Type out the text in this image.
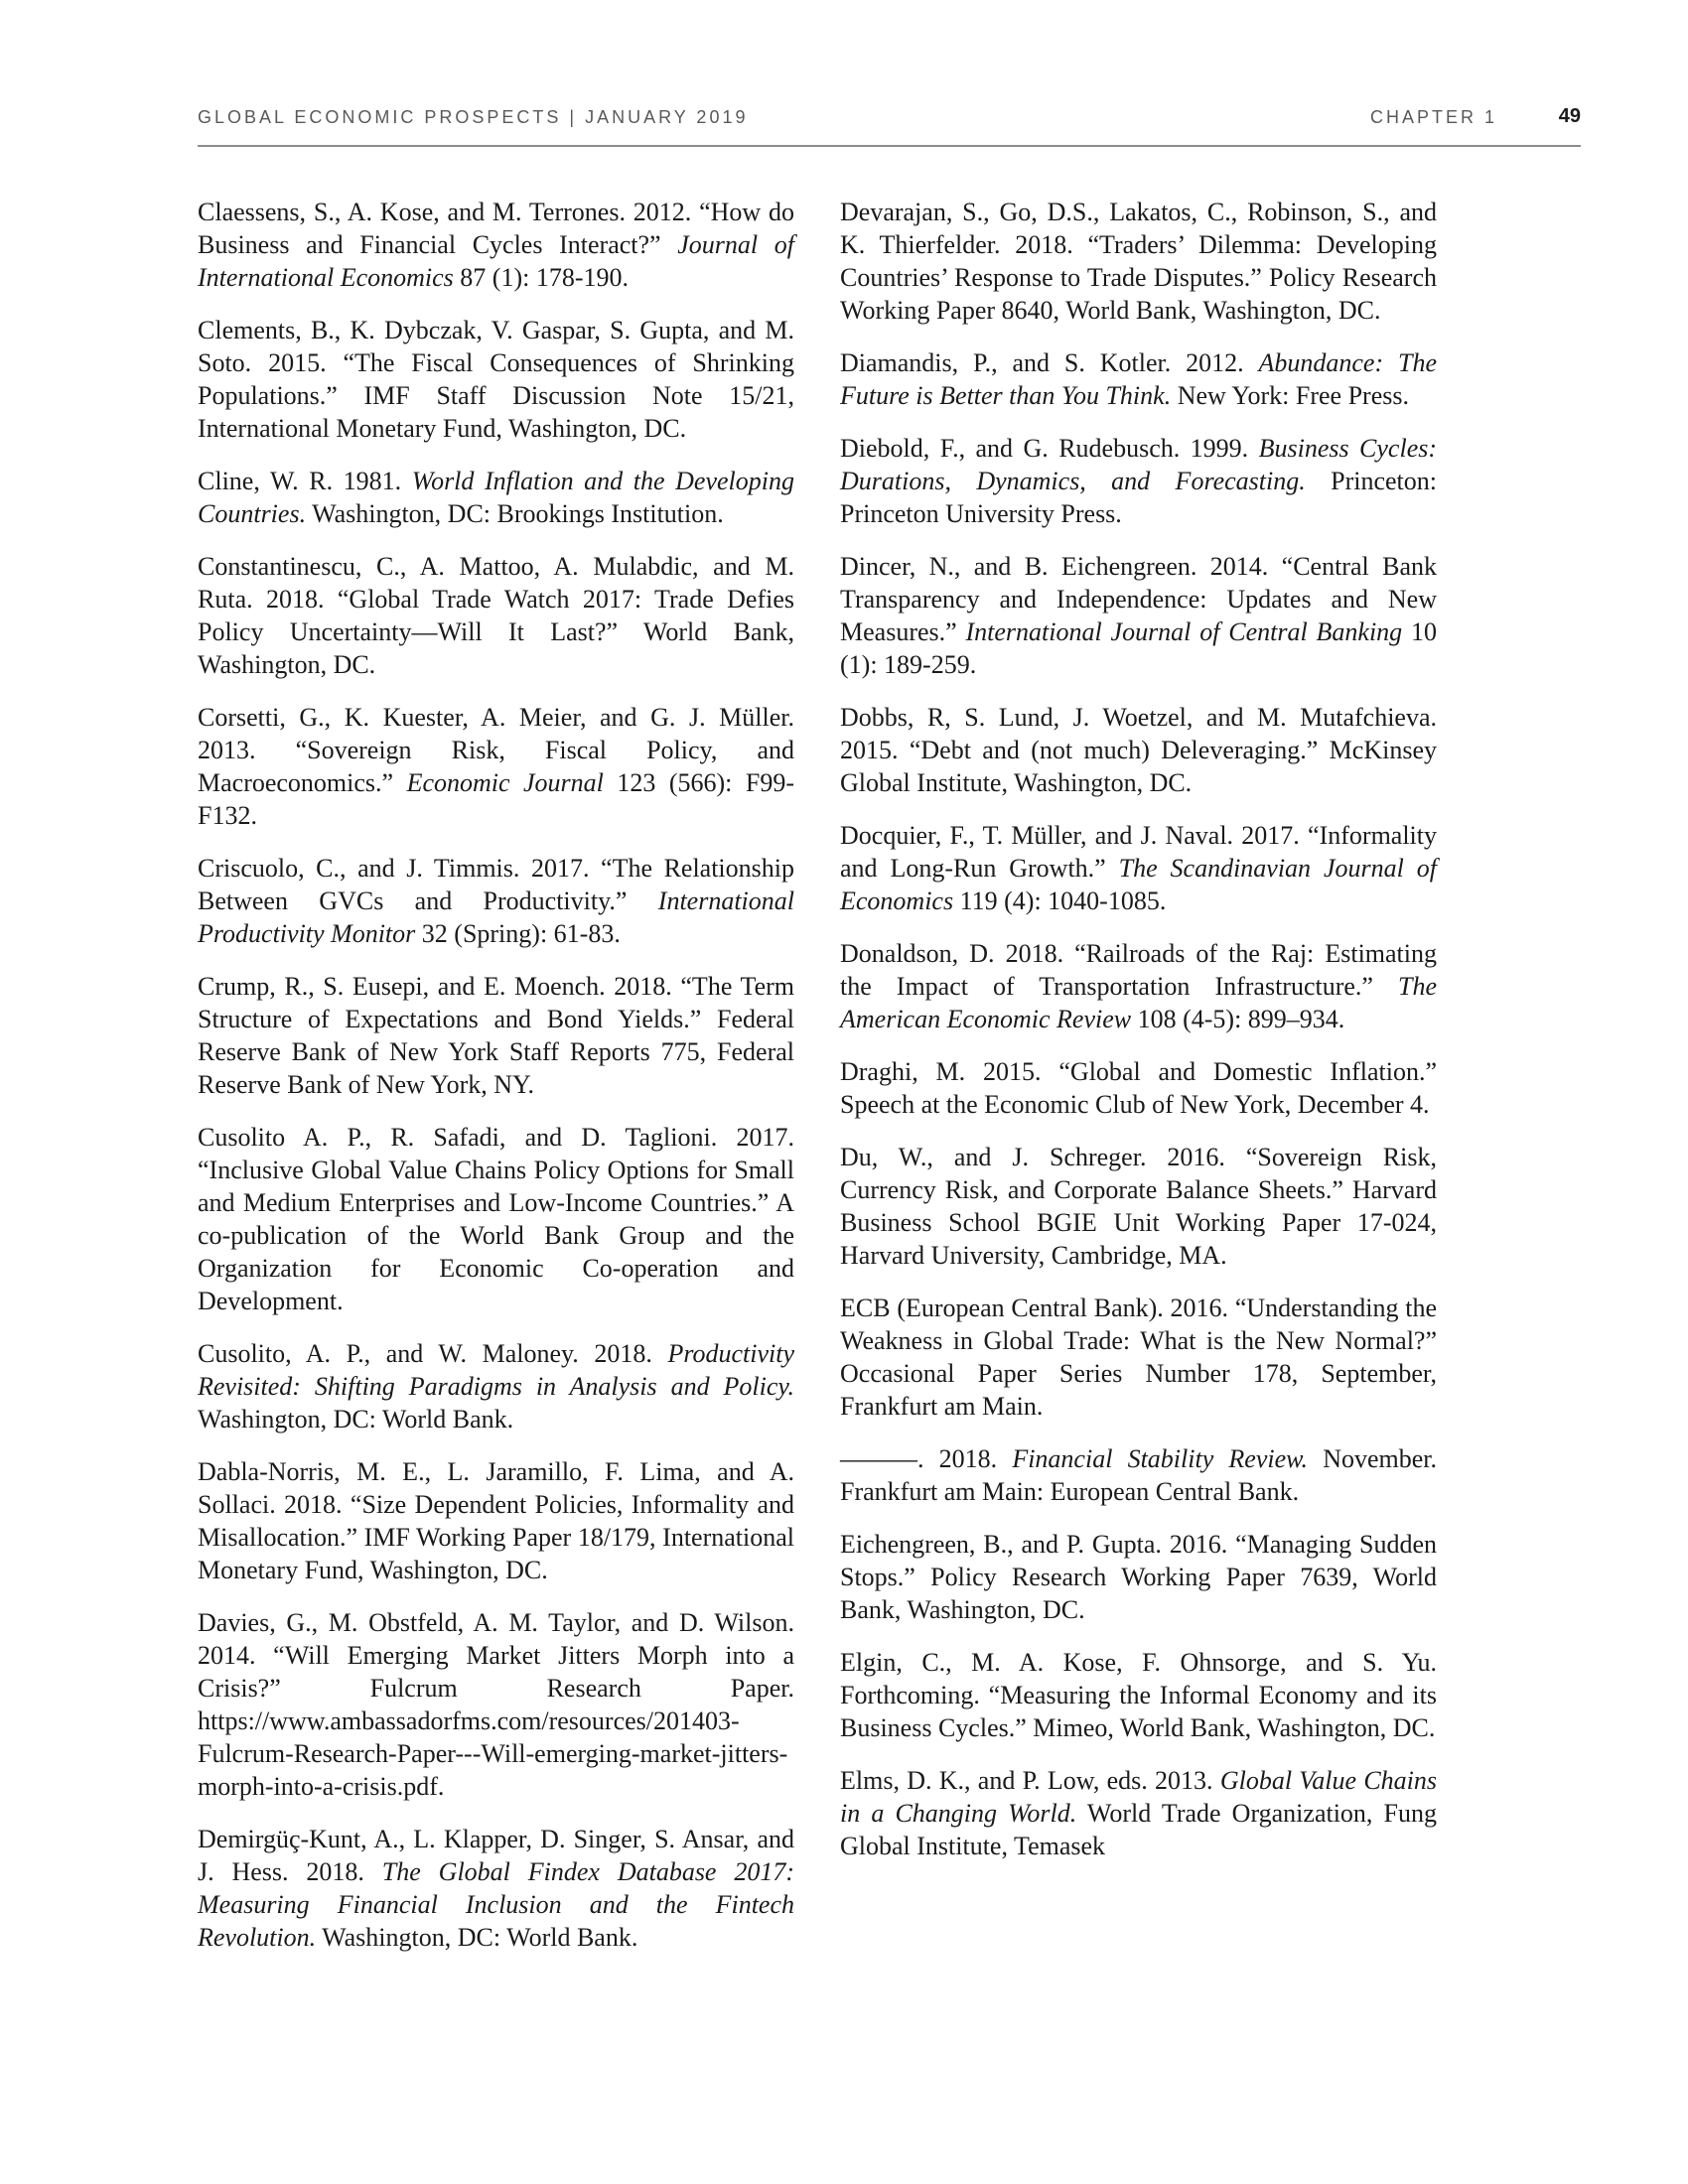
GLOBAL ECONOMIC PROSPECTS | JANUARY 2019	CHAPTER 1	49

Claessens, S., A. Kose, and M. Terrones. 2012. “How do Business and Financial Cycles Interact?” Journal of International Economics 87 (1): 178-190.

Clements, B., K. Dybczak, V. Gaspar, S. Gupta, and M. Soto. 2015. “The Fiscal Consequences of Shrinking Populations.” IMF Staff Discussion Note 15/21, International Monetary Fund, Washington, DC.

Cline, W. R. 1981. World Inflation and the Developing Countries. Washington, DC: Brookings Institution.

Constantinescu, C., A. Mattoo, A. Mulabdic, and M. Ruta. 2018. “Global Trade Watch 2017: Trade Defies Policy Uncertainty—Will It Last?” World Bank, Washington, DC.

Corsetti, G., K. Kuester, A. Meier, and G. J. Müller. 2013. “Sovereign Risk, Fiscal Policy, and Macroeconomics.” Economic Journal 123 (566): F99-F132.

Criscuolo, C., and J. Timmis. 2017. “The Relationship Between GVCs and Productivity.” International Productivity Monitor 32 (Spring): 61-83.

Crump, R., S. Eusepi, and E. Moench. 2018. “The Term Structure of Expectations and Bond Yields.” Federal Reserve Bank of New York Staff Reports 775, Federal Reserve Bank of New York, NY.

Cusolito A. P., R. Safadi, and D. Taglioni. 2017. “Inclusive Global Value Chains Policy Options for Small and Medium Enterprises and Low-Income Countries.” A co-publication of the World Bank Group and the Organization for Economic Co-operation and Development.

Cusolito, A. P., and W. Maloney. 2018. Productivity Revisited: Shifting Paradigms in Analysis and Policy. Washington, DC: World Bank.

Dabla-Norris, M. E., L. Jaramillo, F. Lima, and A. Sollaci. 2018. “Size Dependent Policies, Informality and Misallocation.” IMF Working Paper 18/179, International Monetary Fund, Washington, DC.

Davies, G., M. Obstfeld, A. M. Taylor, and D. Wilson. 2014. “Will Emerging Market Jitters Morph into a Crisis?” Fulcrum Research Paper. https://www.ambassadorfms.com/resources/201403-Fulcrum-Research-Paper---Will-emerging-market-jitters-morph-into-a-crisis.pdf.

Demirgüç-Kunt, A., L. Klapper, D. Singer, S. Ansar, and J. Hess. 2018. The Global Findex Database 2017: Measuring Financial Inclusion and the Fintech Revolution. Washington, DC: World Bank.

Devarajan, S., Go, D.S., Lakatos, C., Robinson, S., and K. Thierfelder. 2018. “Traders’ Dilemma: Developing Countries’ Response to Trade Disputes.” Policy Research Working Paper 8640, World Bank, Washington, DC.

Diamandis, P., and S. Kotler. 2012. Abundance: The Future is Better than You Think. New York: Free Press.

Diebold, F., and G. Rudebusch. 1999. Business Cycles: Durations, Dynamics, and Forecasting. Princeton: Princeton University Press.

Dincer, N., and B. Eichengreen. 2014. “Central Bank Transparency and Independence: Updates and New Measures.” International Journal of Central Banking 10 (1): 189-259.

Dobbs, R, S. Lund, J. Woetzel, and M. Mutafchieva. 2015. “Debt and (not much) Deleveraging.” McKinsey Global Institute, Washington, DC.

Docquier, F., T. Müller, and J. Naval. 2017. “Informality and Long-Run Growth.” The Scandinavian Journal of Economics 119 (4): 1040-1085.

Donaldson, D. 2018. “Railroads of the Raj: Estimating the Impact of Transportation Infrastructure.” The American Economic Review 108 (4-5): 899–934.

Draghi, M. 2015. “Global and Domestic Inflation.” Speech at the Economic Club of New York, December 4.

Du, W., and J. Schreger. 2016. “Sovereign Risk, Currency Risk, and Corporate Balance Sheets.” Harvard Business School BGIE Unit Working Paper 17-024, Harvard University, Cambridge, MA.

ECB (European Central Bank). 2016. “Understanding the Weakness in Global Trade: What is the New Normal?” Occasional Paper Series Number 178, September, Frankfurt am Main.

———. 2018. Financial Stability Review. November. Frankfurt am Main: European Central Bank.

Eichengreen, B., and P. Gupta. 2016. “Managing Sudden Stops.” Policy Research Working Paper 7639, World Bank, Washington, DC.

Elgin, C., M. A. Kose, F. Ohnsorge, and S. Yu. Forthcoming. “Measuring the Informal Economy and its Business Cycles.” Mimeo, World Bank, Washington, DC.

Elms, D. K., and P. Low, eds. 2013. Global Value Chains in a Changing World. World Trade Organization, Fung Global Institute, Temasek
